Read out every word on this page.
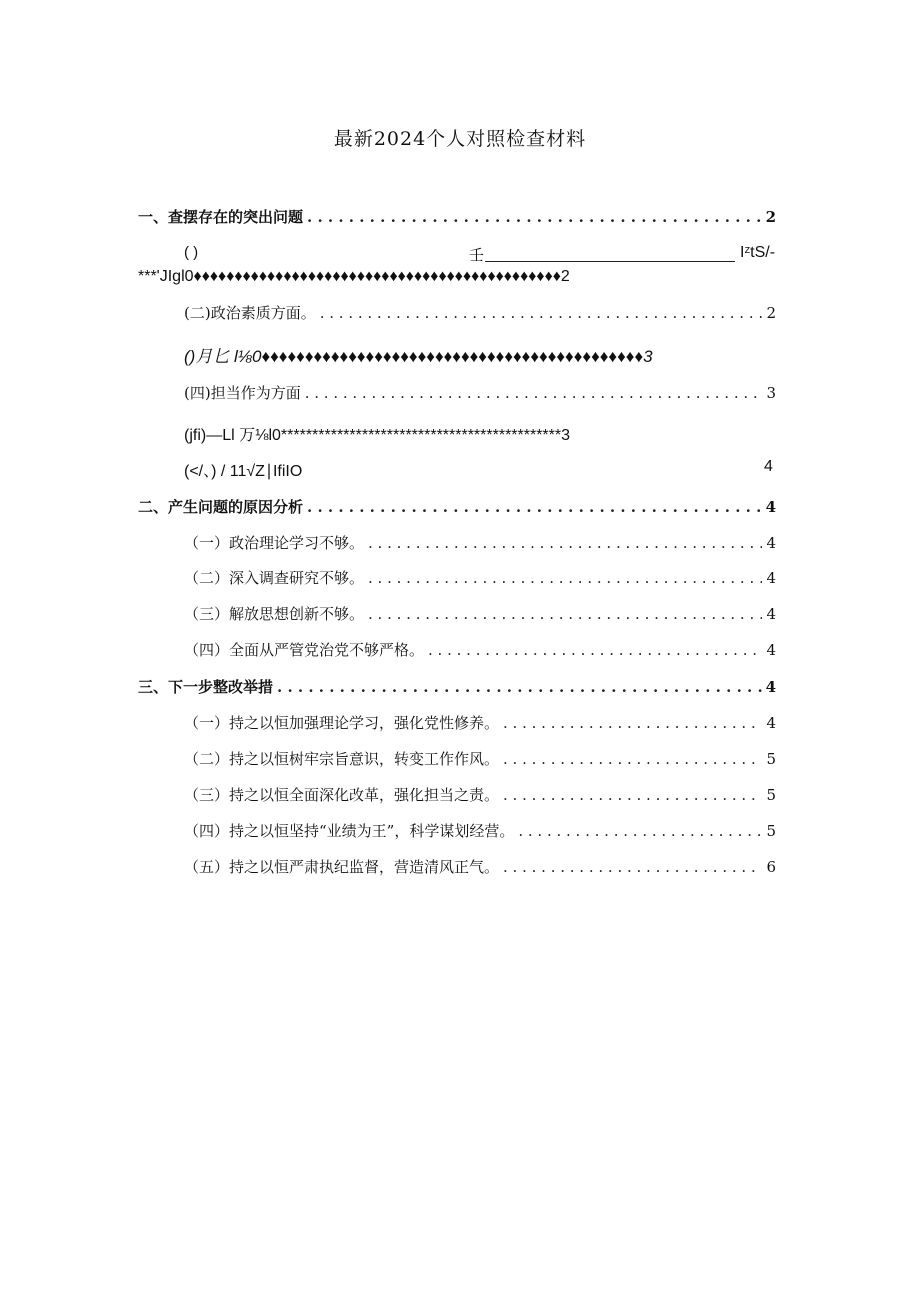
最新2024个人对照检查材料
一、查摆存在的突出问题 . . .	2
( )	壬	IᶻtS/-
***'JIgl0♦♦♦♦♦♦♦♦♦♦♦♦♦♦♦♦♦♦♦♦♦♦♦♦♦♦♦♦♦♦♦♦♦♦♦♦♦♦♦♦♦♦♦♦♦2
(二)政治素质方面。 . . .	2
()月匕 l⅛0♦♦♦♦♦♦♦♦♦♦♦♦♦♦♦♦♦♦♦♦♦♦♦♦♦♦♦♦♦♦♦♦♦♦♦♦♦♦♦♦♦♦♦♦3
(四)担当作为方面 . . .	3
(jfi)—Ll 万⅛l0*********************************************3
(</、) / 11√Z∣IfiIO	4
二、产生问题的原因分析 . . .	4
（一）政治理论学习不够。 . . .	4
（二）深入调查研究不够。 . . .	4
（三）解放思想创新不够。 . . .	4
（四）全面从严管党治党不够严格。 . . .	4
三、下一步整改举措 . . .	4
（一）持之以恒加强理论学习，强化党性修养。 . . .	4
（二）持之以恒树牢宗旨意识，转变工作作风。 . . .	5
（三）持之以恒全面深化改革，强化担当之责。 . . .	5
（四）持之以恒坚持“业绩为王”，科学谋划经营。 . . .	5
（五）持之以恒严肃执纪监督，营造清风正气。 . . .	6
